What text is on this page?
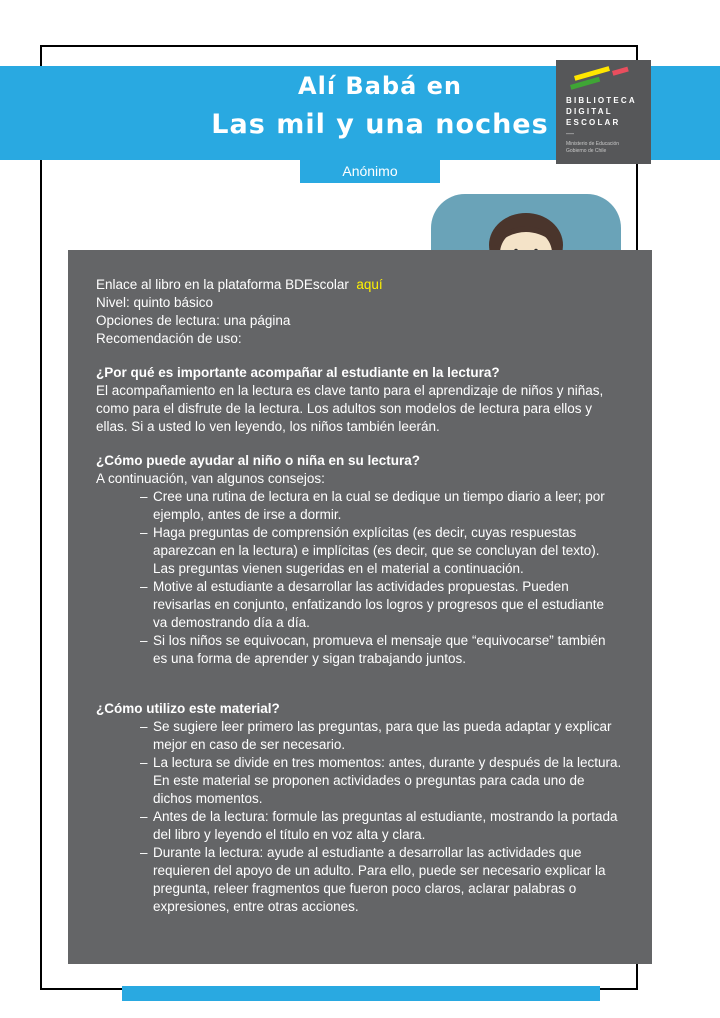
Alí Babá en
Las mil y una noches
Anónimo
BIBLIOTECA
DIGITAL
ESCOLAR
—
Ministerio de Educación
Gobierno de Chile

Enlace al libro en la plataforma BDEscolar aquí

Nivel: quinto básico

Opciones de lectura: una página

Recomendación de uso:

¿Por qué es importante acompañar al estudiante en la lectura?

El acompañamiento en la lectura es clave tanto para el aprendizaje de niños y niñas, como para el disfrute de la lectura. Los adultos son modelos de lectura para ellos y ellas. Si a usted lo ven leyendo, los niños también leerán.

¿Cómo puede ayudar al niño o niña en su lectura?

A continuación, van algunos consejos:

– Cree una rutina de lectura en la cual se dedique un tiempo diario a leer; por ejemplo, antes de irse a dormir.
– Haga preguntas de comprensión explícitas (es decir, cuyas respuestas aparezcan en la lectura) e implícitas (es decir, que se concluyan del texto). Las preguntas vienen sugeridas en el material a continuación.
– Motive al estudiante a desarrollar las actividades propuestas. Pueden revisarlas en conjunto, enfatizando los logros y progresos que el estudiante va demostrando día a día.
– Si los niños se equivocan, promueva el mensaje que “equivocarse” también es una forma de aprender y sigan trabajando juntos.

¿Cómo utilizo este material?

– Se sugiere leer primero las preguntas, para que las pueda adaptar y explicar mejor en caso de ser necesario.
– La lectura se divide en tres momentos: antes, durante y después de la lectura. En este material se proponen actividades o preguntas para cada uno de dichos momentos.
– Antes de la lectura: formule las preguntas al estudiante, mostrando la portada del libro y leyendo el título en voz alta y clara.
– Durante la lectura: ayude al estudiante a desarrollar las actividades que requieren del apoyo de un adulto. Para ello, puede ser necesario explicar la pregunta, releer fragmentos que fueron poco claros, aclarar palabras o expresiones, entre otras acciones.
